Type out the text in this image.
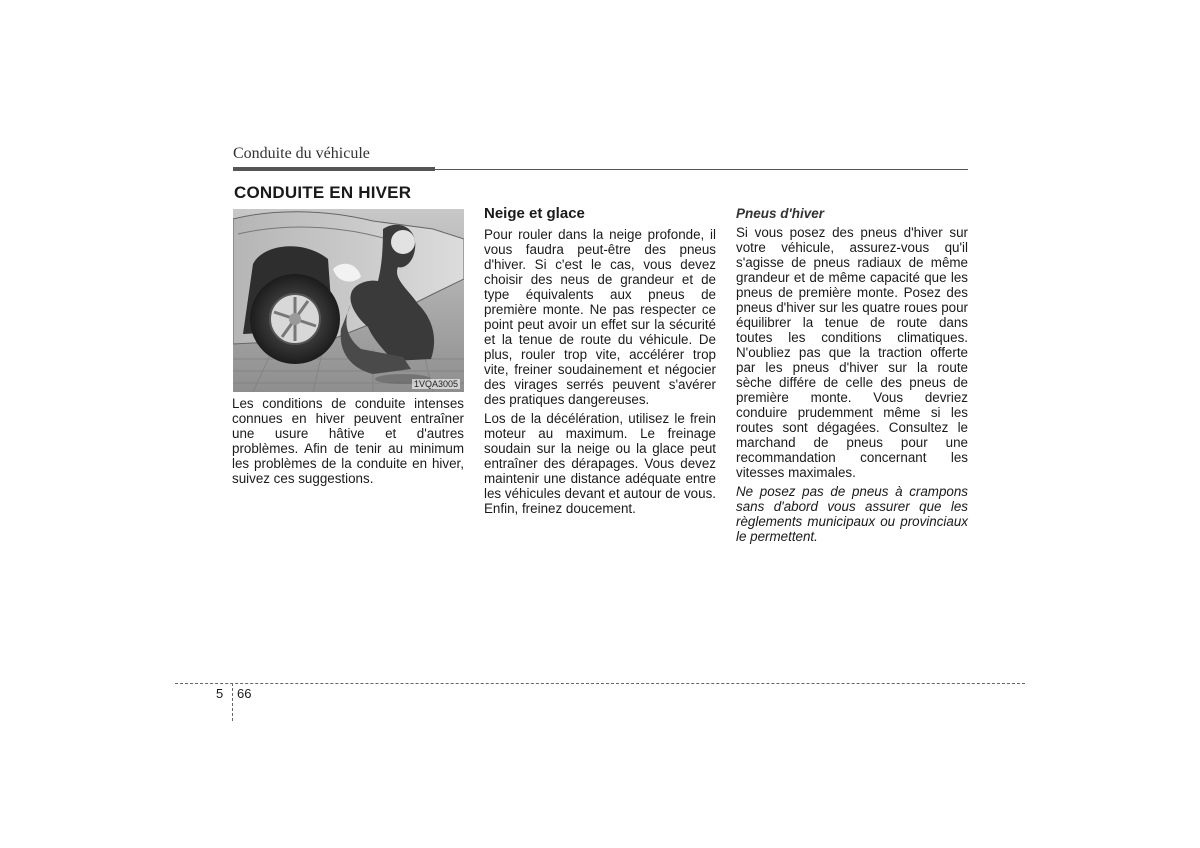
Conduite du véhicule
CONDUITE EN HIVER
1VQA3005

Les conditions de conduite intenses connues en hiver peuvent entraîner une usure hâtive et d'autres problèmes. Afin de tenir au minimum les problèmes de la conduite en hiver, suivez ces suggestions.

Neige et glace

Pour rouler dans la neige profonde, il vous faudra peut-être des pneus d'hiver. Si c'est le cas, vous devez choisir des neus de grandeur et de type équivalents aux pneus de première monte. Ne pas respecter ce point peut avoir un effet sur la sécurité et la tenue de route du véhicule. De plus, rouler trop vite, accélérer trop vite, freiner soudainement et négocier des virages serrés peuvent s'avérer des pratiques dangereuses.

Los de la décélération, utilisez le frein moteur au maximum. Le freinage soudain sur la neige ou la glace peut entraîner des dérapages. Vous devez maintenir une distance adéquate entre les véhicules devant et autour de vous. Enfin, freinez doucement.

Pneus d'hiver

Si vous posez des pneus d'hiver sur votre véhicule, assurez-vous qu'il s'agisse de pneus radiaux de même grandeur et de même capacité que les pneus de première monte. Posez des pneus d'hiver sur les quatre roues pour équilibrer la tenue de route dans toutes les conditions climatiques. N'oubliez pas que la traction offerte par les pneus d'hiver sur la route sèche différe de celle des pneus de première monte. Vous devriez conduire prudemment même si les routes sont dégagées. Consultez le marchand de pneus pour une recommandation concernant les vitesses maximales.

Ne posez pas de pneus à crampons sans d'abord vous assurer que les règlements municipaux ou provinciaux le permettent.

5 66
